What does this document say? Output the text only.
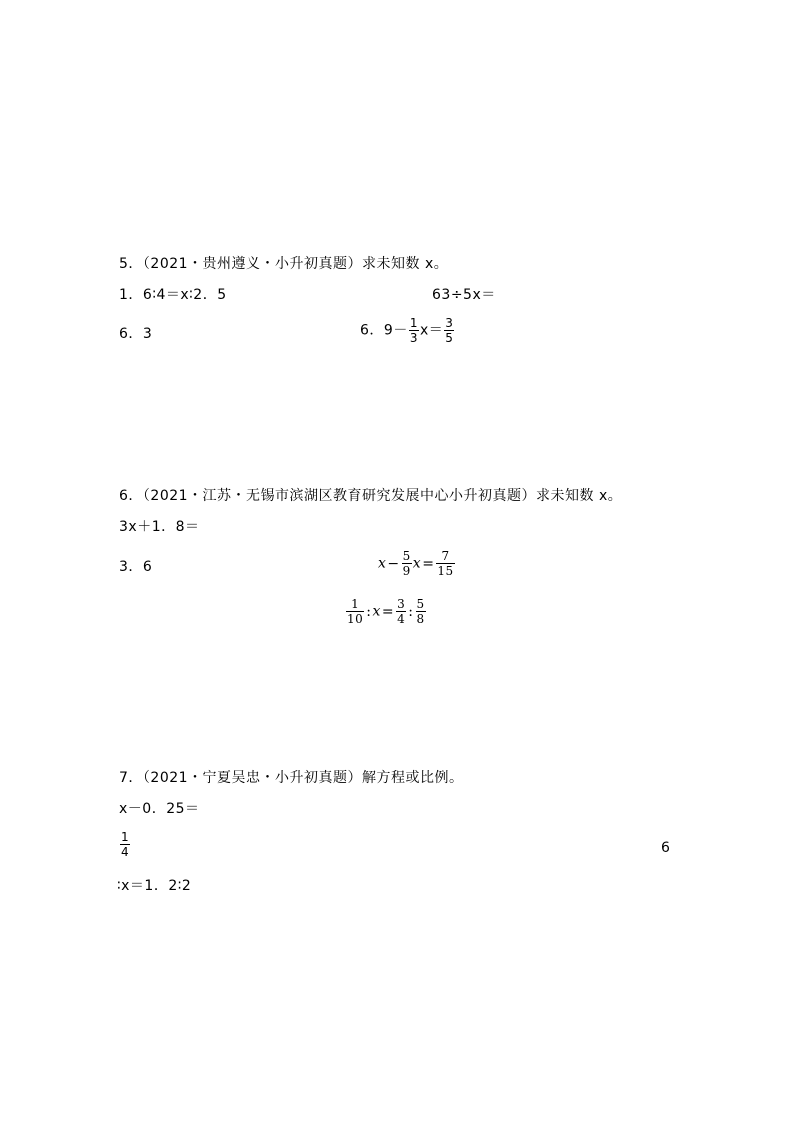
5．（2021・贵州遵义・小升初真题）求未知数 x。
1．6∶4＝x∶2．5	63÷5x＝
6．3	6．$9- \frac{1}{3} x= \frac{3}{5}$
6．（2021・江苏・无锡市滨湖区教育研究发展中心小升初真题）求未知数 x。
3x＋1．8＝
3．6	$x- \frac{5}{9} x= \frac{7}{15}$
$\frac{1}{10}$ :x= $\frac{3}{4}$ : $\frac{5}{8}$
7．（2021・宁夏吴忠・小升初真题）解方程或比例。
x－0．25＝
$\frac{1}{4}$	6
∶x＝1．2∶2
